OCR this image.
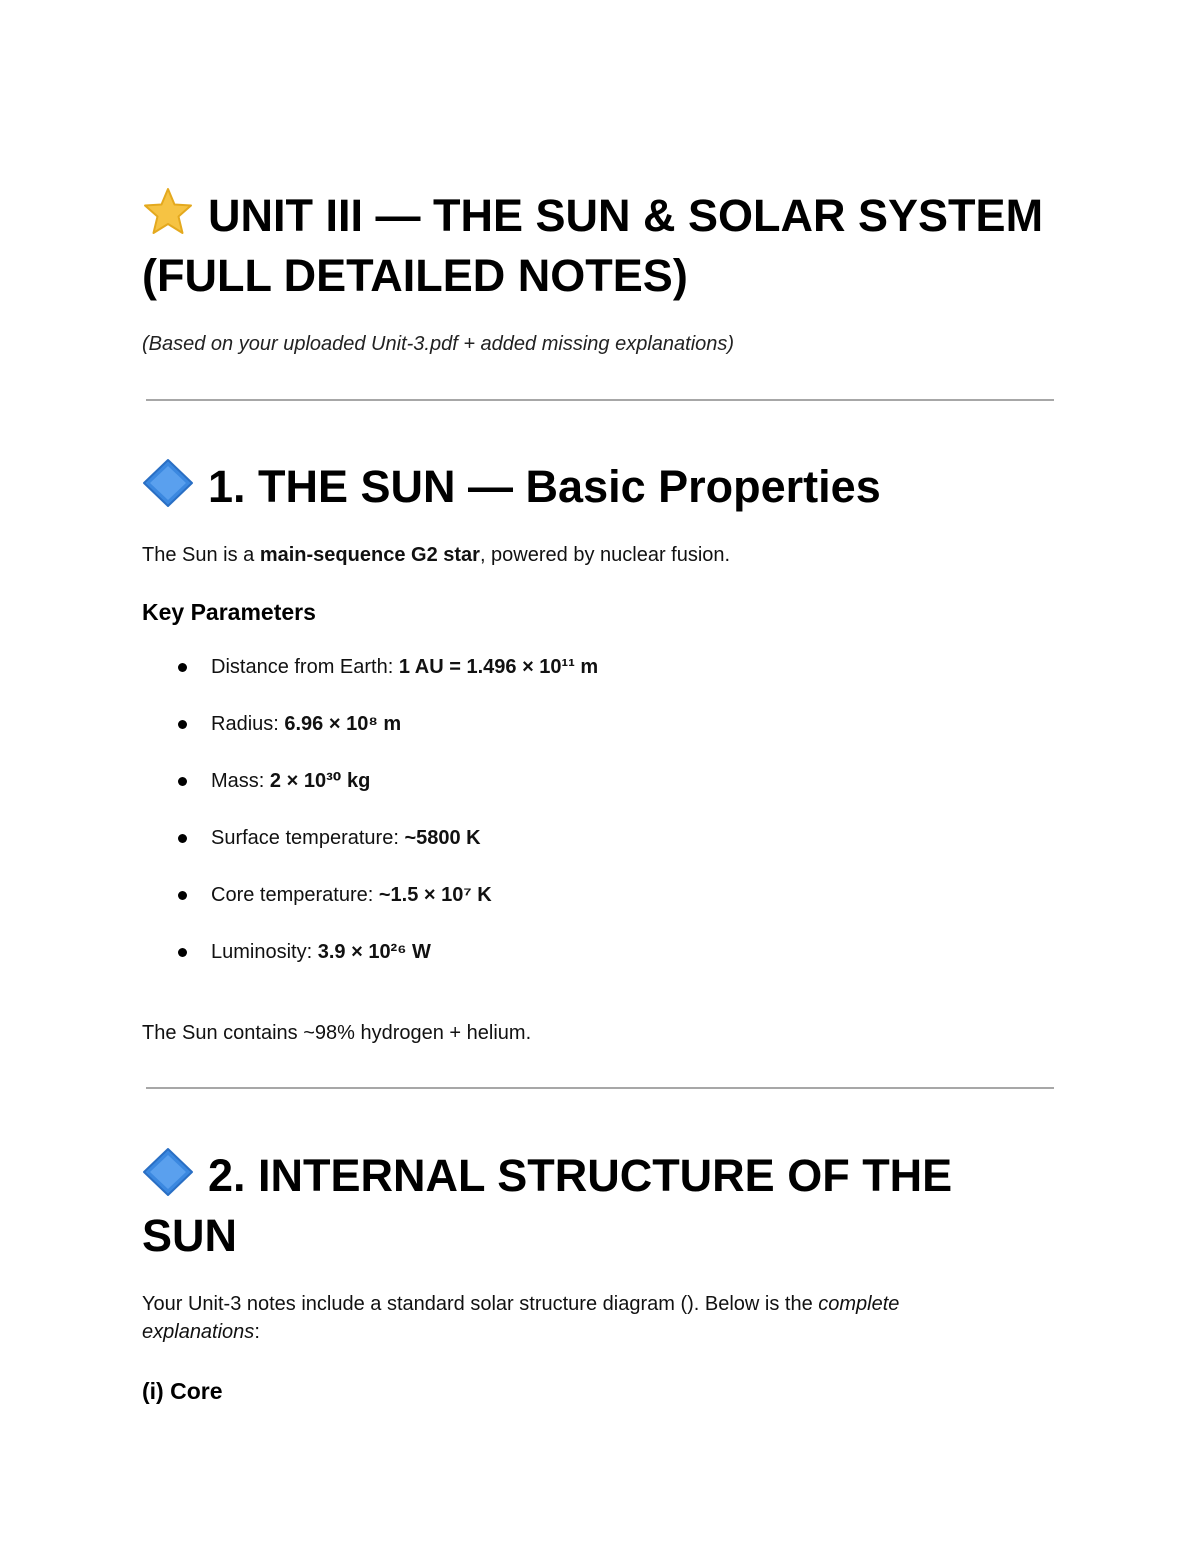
UNIT III — THE SUN & SOLAR SYSTEM (FULL DETAILED NOTES)
(Based on your uploaded Unit-3.pdf + added missing explanations)
1. THE SUN — Basic Properties
The Sun is a main-sequence G2 star, powered by nuclear fusion.
Key Parameters
Distance from Earth: 1 AU = 1.496 × 10¹¹ m
Radius: 6.96 × 10⁸ m
Mass: 2 × 10³⁰ kg
Surface temperature: ~5800 K
Core temperature: ~1.5 × 10⁷ K
Luminosity: 3.9 × 10²⁶ W
The Sun contains ~98% hydrogen + helium.
2. INTERNAL STRUCTURE OF THE SUN
Your Unit-3 notes include a standard solar structure diagram (). Below is the complete explanations:
(i) Core
